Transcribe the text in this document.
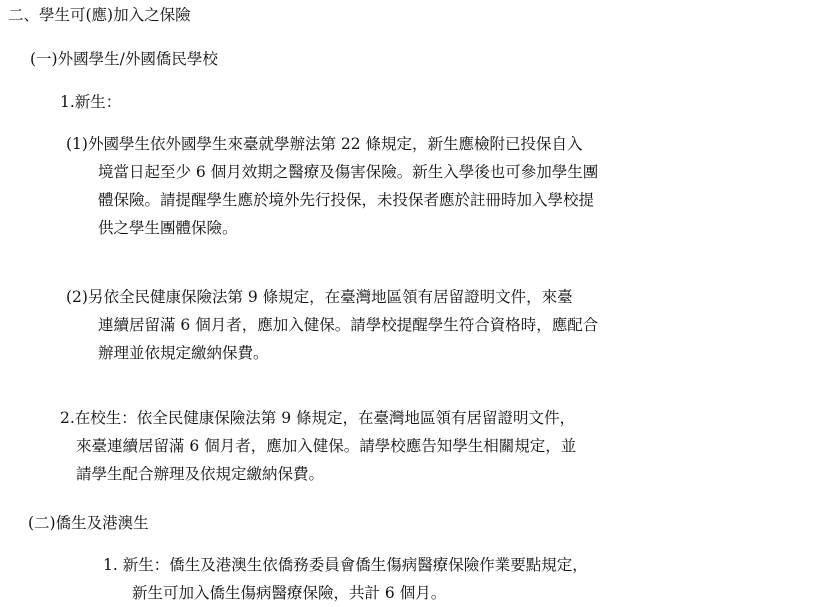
二、學生可(應)加入之保險
(一)外國學生/外國僑民學校
1.新生：
(1)外國學生依外國學生來臺就學辦法第 22 條規定，新生應檢附已投保自入
境當日起至少 6 個月效期之醫療及傷害保險。新生入學後也可參加學生團
體保險。請提醒學生應於境外先行投保，未投保者應於註冊時加入學校提
供之學生團體保險。
(2)另依全民健康保險法第 9 條規定，在臺灣地區領有居留證明文件，來臺
連續居留滿 6 個月者，應加入健保。請學校提醒學生符合資格時，應配合
辦理並依規定繳納保費。
2.在校生：依全民健康保險法第 9 條規定，在臺灣地區領有居留證明文件，
來臺連續居留滿 6 個月者，應加入健保。請學校應告知學生相關規定，並
請學生配合辦理及依規定繳納保費。
(二)僑生及港澳生
1. 新生：僑生及港澳生依僑務委員會僑生傷病醫療保險作業要點規定，
新生可加入僑生傷病醫療保險，共計 6 個月。
